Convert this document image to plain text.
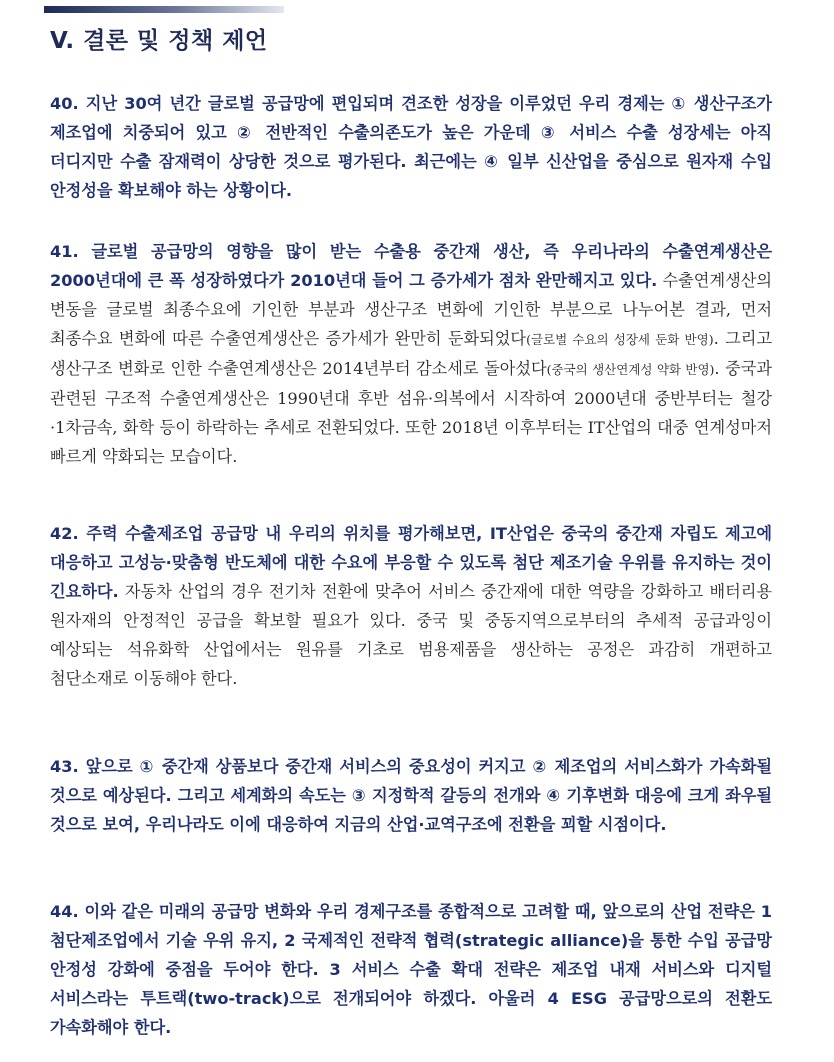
V. 결론 및 정책 제언

40. 지난 30여 년간 글로벌 공급망에 편입되며 견조한 성장을 이루었던 우리 경제는 ① 생산구조가 제조업에 치중되어 있고 ② 전반적인 수출의존도가 높은 가운데 ③ 서비스 수출 성장세는 아직 더디지만 수출 잠재력이 상당한 것으로 평가된다. 최근에는 ④ 일부 신산업을 중심으로 원자재 수입 안정성을 확보해야 하는 상황이다.

41. 글로벌 공급망의 영향을 많이 받는 수출용 중간재 생산, 즉 우리나라의 수출연계생산은 2000년대에 큰 폭 성장하였다가 2010년대 들어 그 증가세가 점차 완만해지고 있다. 수출연계생산의 변동을 글로벌 최종수요에 기인한 부분과 생산구조 변화에 기인한 부분으로 나누어본 결과, 먼저 최종수요 변화에 따른 수출연계생산은 증가세가 완만히 둔화되었다(글로벌 수요의 성장세 둔화 반영). 그리고 생산구조 변화로 인한 수출연계생산은 2014년부터 감소세로 돌아섰다(중국의 생산연계성 약화 반영). 중국과 관련된 구조적 수출연계생산은 1990년대 후반 섬유·의복에서 시작하여 2000년대 중반부터는 철강·1차금속, 화학 등이 하락하는 추세로 전환되었다. 또한 2018년 이후부터는 IT산업의 대중 연계성마저 빠르게 약화되는 모습이다.

42. 주력 수출제조업 공급망 내 우리의 위치를 평가해보면, IT산업은 중국의 중간재 자립도 제고에 대응하고 고성능·맞춤형 반도체에 대한 수요에 부응할 수 있도록 첨단 제조기술 우위를 유지하는 것이 긴요하다. 자동차 산업의 경우 전기차 전환에 맞추어 서비스 중간재에 대한 역량을 강화하고 배터리용 원자재의 안정적인 공급을 확보할 필요가 있다. 중국 및 중동지역으로부터의 추세적 공급과잉이 예상되는 석유화학 산업에서는 원유를 기초로 범용제품을 생산하는 공정은 과감히 개편하고 첨단소재로 이동해야 한다.

43. 앞으로 ① 중간재 상품보다 중간재 서비스의 중요성이 커지고 ② 제조업의 서비스화가 가속화될 것으로 예상된다. 그리고 세계화의 속도는 ③ 지정학적 갈등의 전개와 ④ 기후변화 대응에 크게 좌우될 것으로 보여, 우리나라도 이에 대응하여 지금의 산업·교역구조에 전환을 꾀할 시점이다.

44. 이와 같은 미래의 공급망 변화와 우리 경제구조를 종합적으로 고려할 때, 앞으로의 산업 전략은 1 첨단제조업에서 기술 우위 유지, 2 국제적인 전략적 협력(strategic alliance)을 통한 수입 공급망 안정성 강화에 중점을 두어야 한다. 3 서비스 수출 확대 전략은 제조업 내재 서비스와 디지털 서비스라는 투트랙(two-track)으로 전개되어야 하겠다. 아울러 4 ESG 공급망으로의 전환도 가속화해야 한다.
